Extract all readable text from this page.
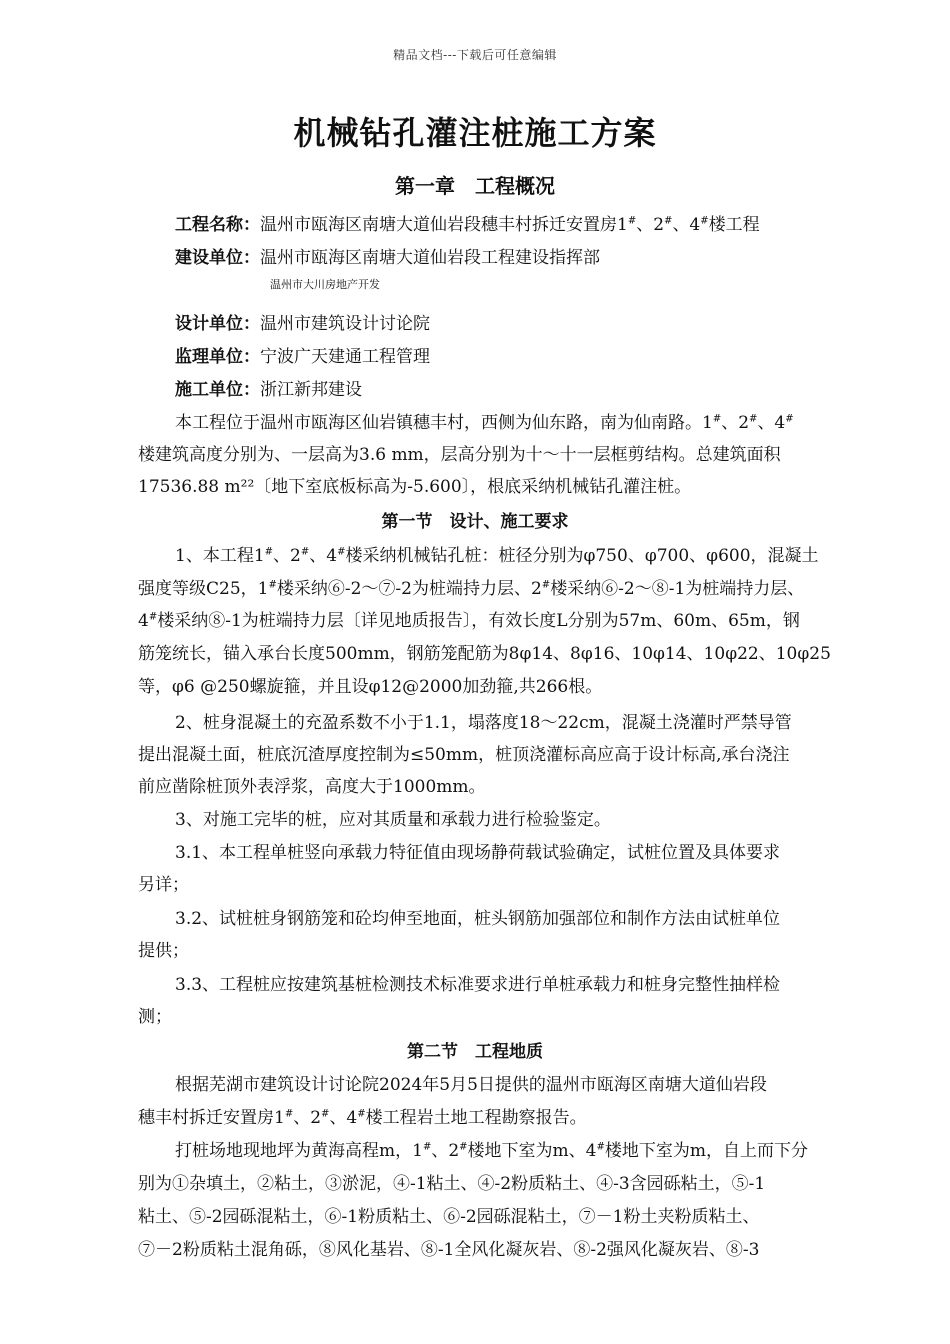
精品文档---下载后可任意编辑
机械钻孔灌注桩施工方案
第一章　工程概况
工程名称：温州市瓯海区南塘大道仙岩段穗丰村拆迁安置房1#、2#、4#楼工程
建设单位：温州市瓯海区南塘大道仙岩段工程建设指挥部
温州市大川房地产开发
设计单位：温州市建筑设计讨论院
监理单位：宁波广天建通工程管理
施工单位：浙江新邦建设
本工程位于温州市瓯海区仙岩镇穗丰村，西侧为仙东路，南为仙南路。1#、2#、4#
楼建筑高度分别为、一层高为3.6 mm，层高分别为十～十一层框剪结构。总建筑面积
17536.88 m²²〔地下室底板标高为-5.600〕，根底采纳机械钻孔灌注桩。
第一节　设计、施工要求
1、本工程1#、2#、4#楼采纳机械钻孔桩：桩径分别为φ750、φ700、φ600，混凝土
强度等级C25，1#楼采纳⑥-2～⑦-2为桩端持力层、2#楼采纳⑥-2～⑧-1为桩端持力层、
4#楼采纳⑧-1为桩端持力层〔详见地质报告〕，有效长度L分别为57m、60m、65m，钢
筋笼统长，锚入承台长度500mm，钢筋笼配筋为8φ14、8φ16、10φ14、10φ22、10φ25
等，φ6 @250螺旋箍，并且设φ12@2000加劲箍,共266根。
2、桩身混凝土的充盈系数不小于1.1，塌落度18～22cm，混凝土浇灌时严禁导管
提出混凝土面，桩底沉渣厚度控制为≤50mm，桩顶浇灌标高应高于设计标高,承台浇注
前应凿除桩顶外表浮浆，高度大于1000mm。
3、对施工完毕的桩，应对其质量和承载力进行检验鉴定。
3.1、本工程单桩竖向承载力特征值由现场静荷载试验确定，试桩位置及具体要求
另详；
3.2、试桩桩身钢筋笼和砼均伸至地面，桩头钢筋加强部位和制作方法由试桩单位
提供；
3.3、工程桩应按建筑基桩检测技术标准要求进行单桩承载力和桩身完整性抽样检
测；
第二节　工程地质
根据芜湖市建筑设计讨论院2024年5月5日提供的温州市瓯海区南塘大道仙岩段
穗丰村拆迁安置房1#、2#、4#楼工程岩土地工程勘察报告。
打桩场地现地坪为黄海高程m，1#、2#楼地下室为m、4#楼地下室为m，自上而下分
别为①杂填土，②粘土，③淤泥，④-1粘土、④-2粉质粘土、④-3含园砾粘土，⑤-1
粘土、⑤-2园砾混粘土，⑥-1粉质粘土、⑥-2园砾混粘土，⑦－1粉土夹粉质粘土、
⑦－2粉质粘土混角砾，⑧风化基岩、⑧-1全风化凝灰岩、⑧-2强风化凝灰岩、⑧-3
